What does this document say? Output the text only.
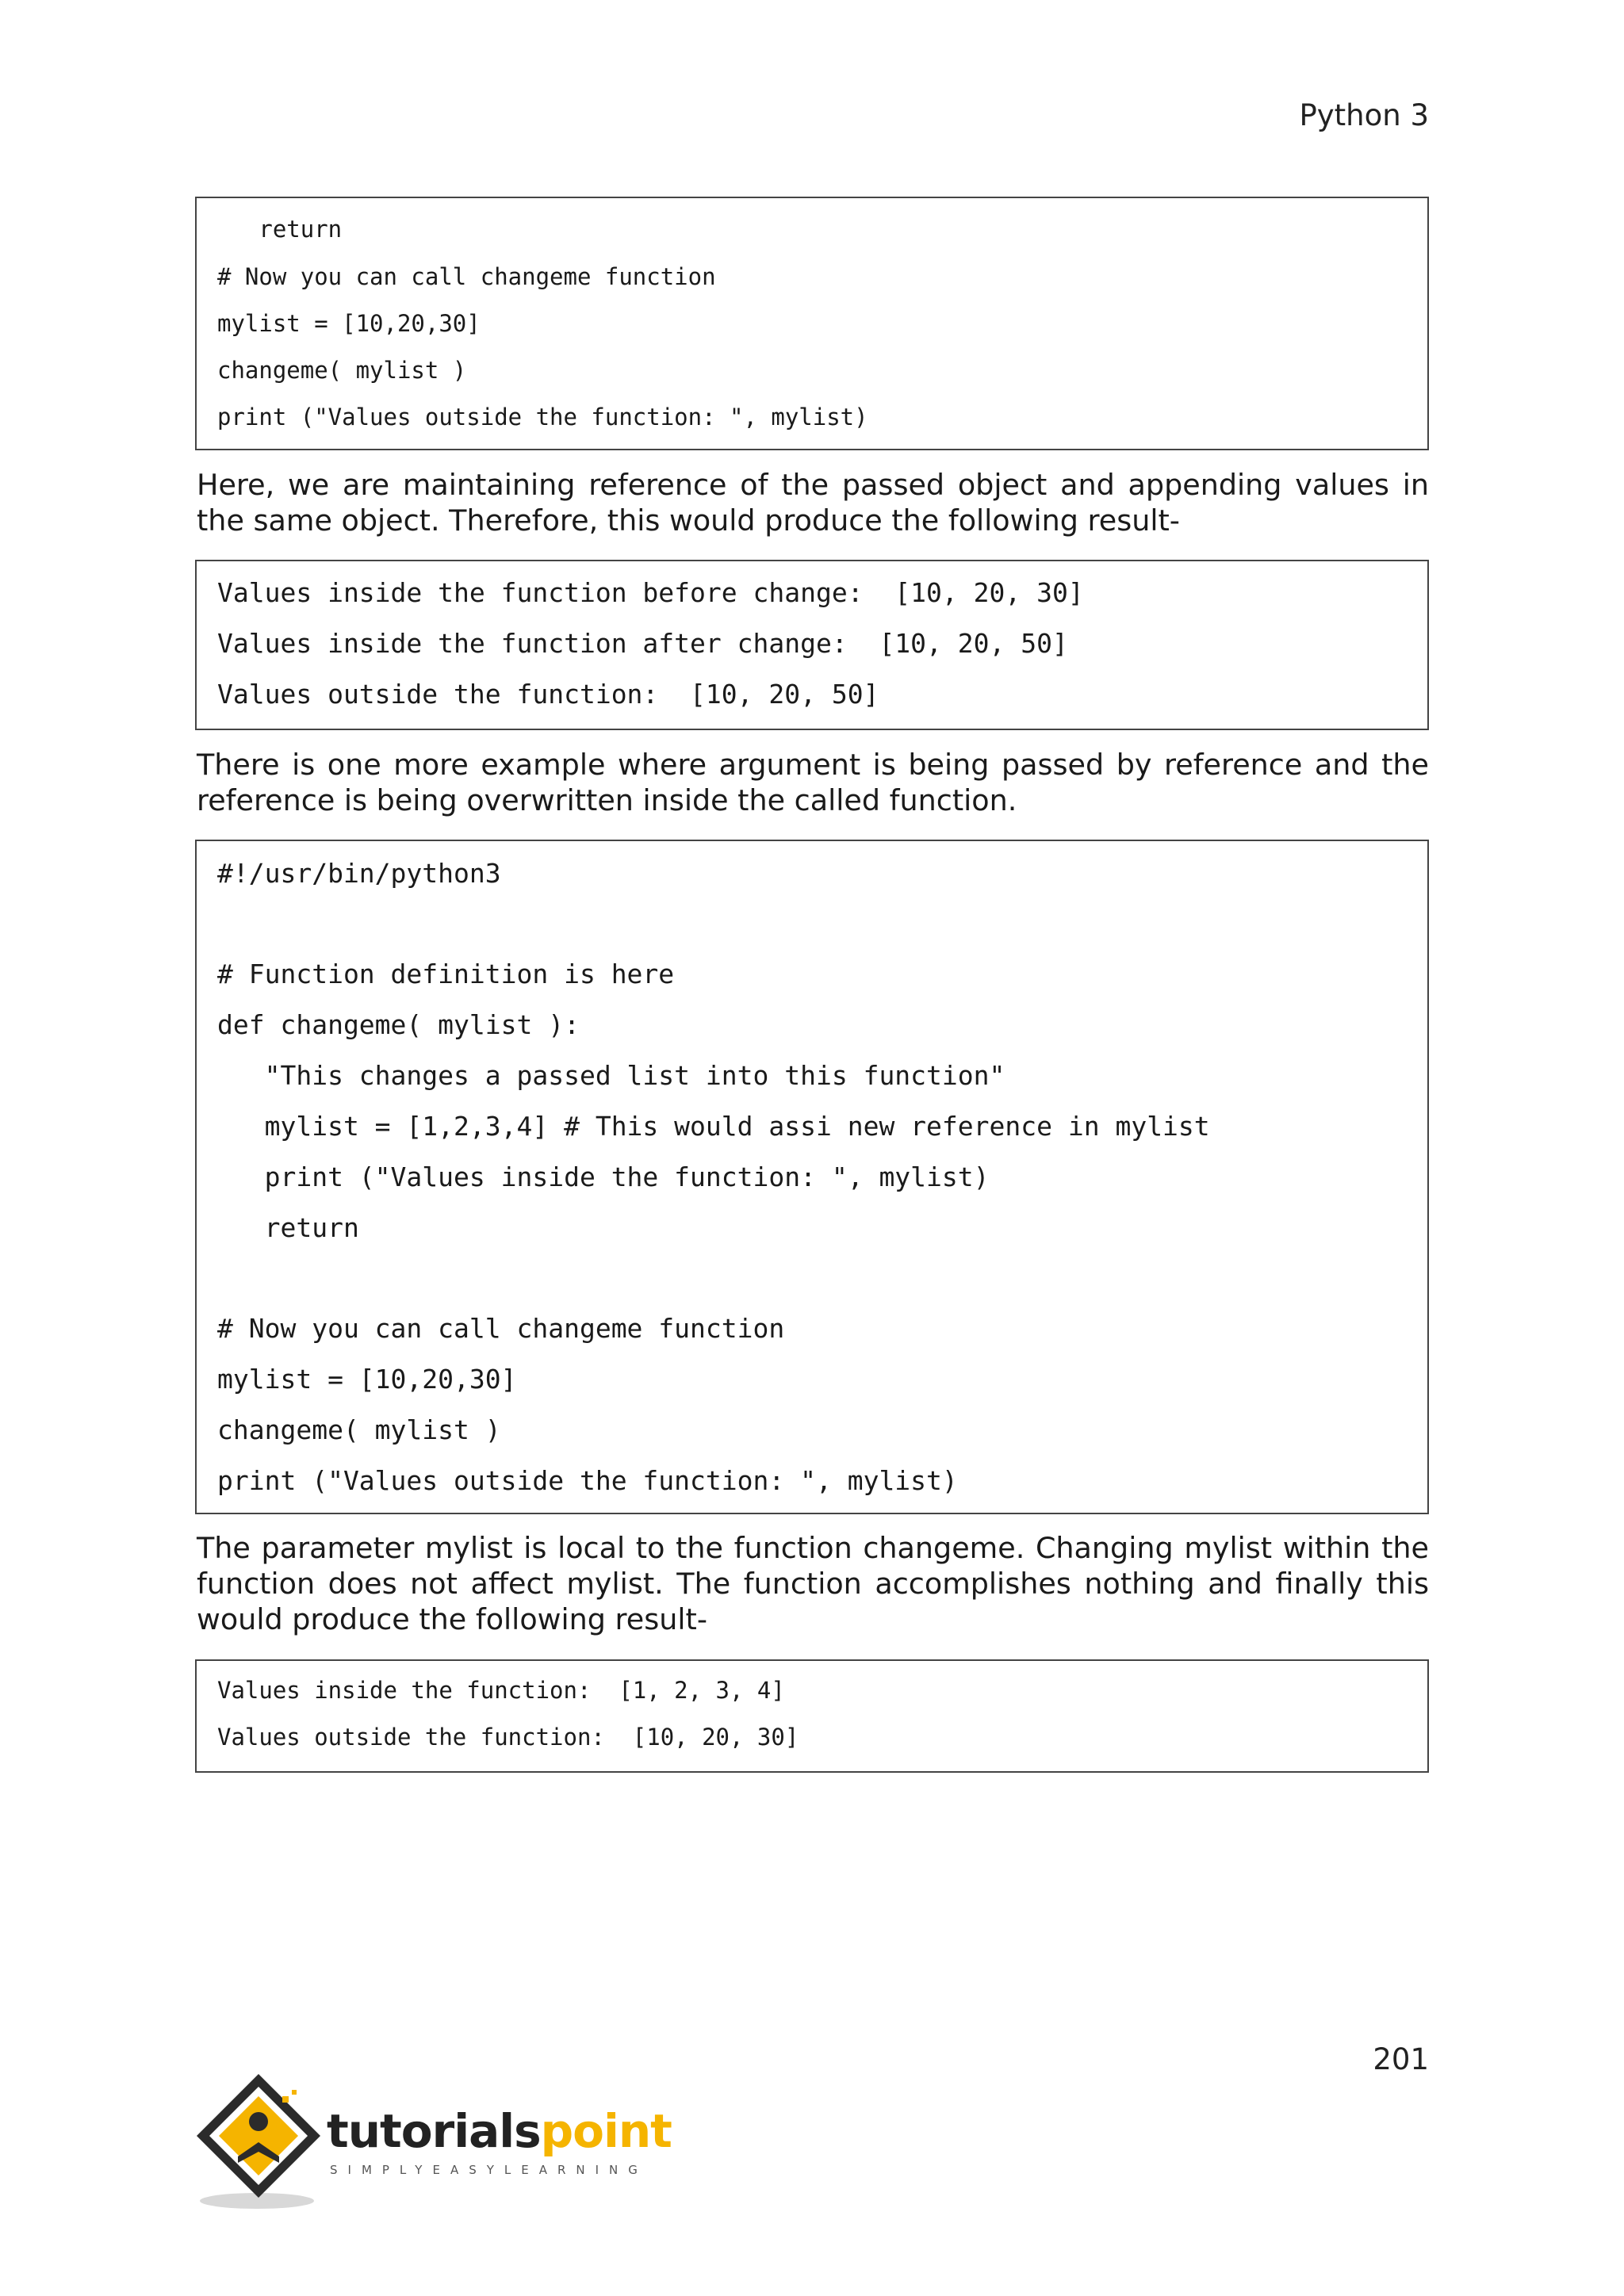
Python 3
return
# Now you can call changeme function
mylist = [10,20,30]
changeme( mylist )
print ("Values outside the function: ", mylist)

Here, we are maintaining reference of the passed object and appending values in the same object. Therefore, this would produce the following result-

Values inside the function before change:  [10, 20, 30]
Values inside the function after change:  [10, 20, 50]
Values outside the function:  [10, 20, 50]

There is one more example where argument is being passed by reference and the reference is being overwritten inside the called function.

#!/usr/bin/python3
# Function definition is here
def changeme( mylist ):
"This changes a passed list into this function"
mylist = [1,2,3,4] # This would assi new reference in mylist
print ("Values inside the function: ", mylist)
return
# Now you can call changeme function
mylist = [10,20,30]
changeme( mylist )
print ("Values outside the function: ", mylist)

The parameter mylist is local to the function changeme. Changing mylist within the function does not affect mylist. The function accomplishes nothing and finally this would produce the following result-

Values inside the function:  [1, 2, 3, 4]
Values outside the function:  [10, 20, 30]
201
tutorialspoint
SIMPLYEASYLEARNING
